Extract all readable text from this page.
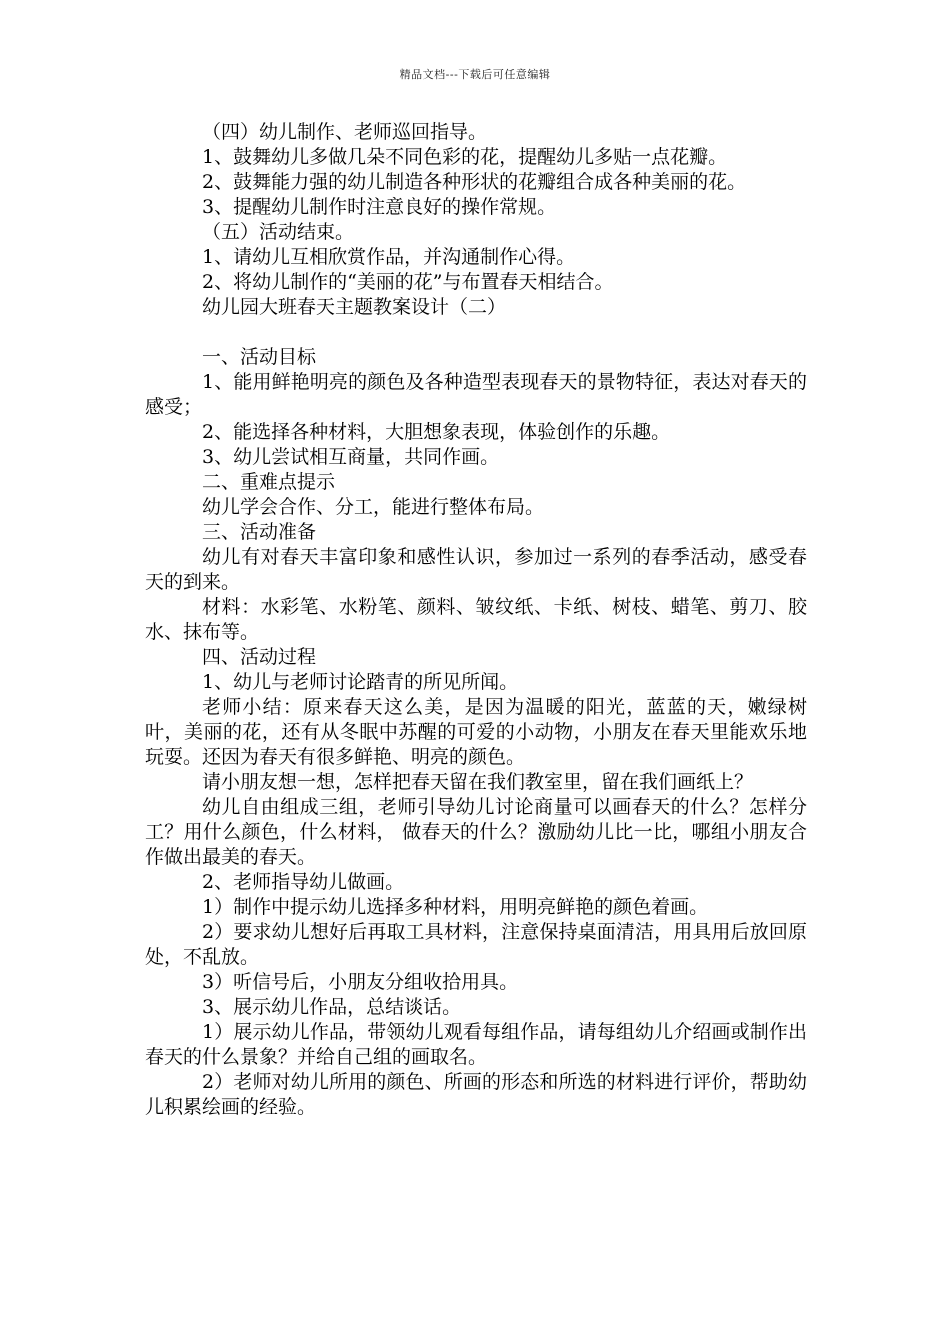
精品文档---下载后可任意编辑

（四）幼儿制作、老师巡回指导。

1、鼓舞幼儿多做几朵不同色彩的花，提醒幼儿多贴一点花瓣。

2、鼓舞能力强的幼儿制造各种形状的花瓣组合成各种美丽的花。

3、提醒幼儿制作时注意良好的操作常规。

（五）活动结束。

1、请幼儿互相欣赏作品，并沟通制作心得。

2、将幼儿制作的“美丽的花”与布置春天相结合。

幼儿园大班春天主题教案设计（二）

一、活动目标

1、能用鲜艳明亮的颜色及各种造型表现春天的景物特征，表达对春天的感受；

2、能选择各种材料，大胆想象表现，体验创作的乐趣。

3、幼儿尝试相互商量，共同作画。

二、重难点提示

幼儿学会合作、分工，能进行整体布局。

三、活动准备

幼儿有对春天丰富印象和感性认识，参加过一系列的春季活动，感受春天的到来。

材料：水彩笔、水粉笔、颜料、皱纹纸、卡纸、树枝、蜡笔、剪刀、胶水、抹布等。

四、活动过程

1、幼儿与老师讨论踏青的所见所闻。

老师小结：原来春天这么美，是因为温暖的阳光，蓝蓝的天，嫩绿树叶，美丽的花，还有从冬眠中苏醒的可爱的小动物，小朋友在春天里能欢乐地玩耍。还因为春天有很多鲜艳、明亮的颜色。

请小朋友想一想，怎样把春天留在我们教室里，留在我们画纸上？

幼儿自由组成三组，老师引导幼儿讨论商量可以画春天的什么？怎样分工？用什么颜色，什么材料， 做春天的什么？激励幼儿比一比，哪组小朋友合作做出最美的春天。

2、老师指导幼儿做画。

1）制作中提示幼儿选择多种材料，用明亮鲜艳的颜色着画。

2）要求幼儿想好后再取工具材料，注意保持桌面清洁，用具用后放回原处，不乱放。

3）听信号后，小朋友分组收拾用具。

3、展示幼儿作品，总结谈话。

1）展示幼儿作品，带领幼儿观看每组作品，请每组幼儿介绍画或制作出春天的什么景象？并给自己组的画取名。

2）老师对幼儿所用的颜色、所画的形态和所选的材料进行评价，帮助幼儿积累绘画的经验。
